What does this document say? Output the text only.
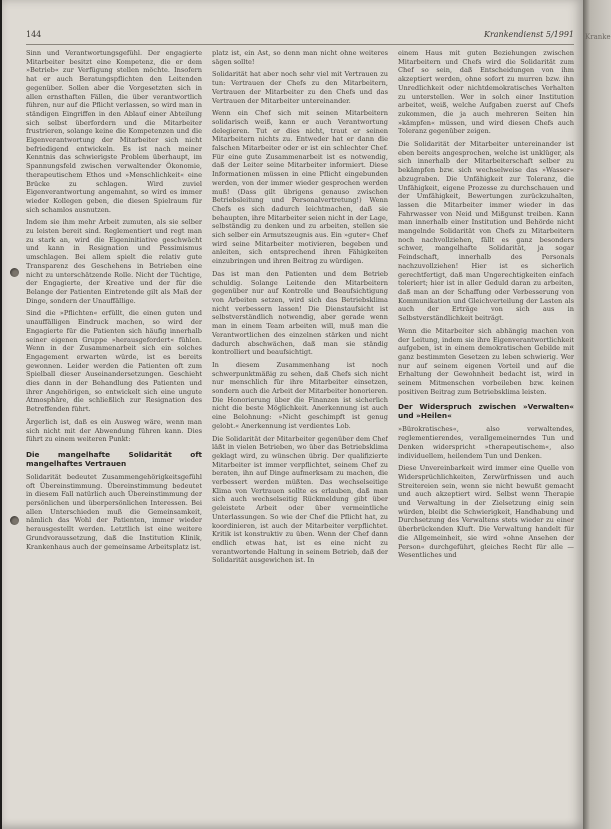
144	Krankendienst 5/1991

Sinn und Verantwortungsgefühl. Der engagierte Mitarbeiter besitzt eine Kompetenz, die er dem »Betrieb« zur Verfügung stellen möchte. Insofern hat er auch Beratungspflichten den Leitenden gegenüber. Sollen aber die Vorgesetzten sich in allen ernsthaften Fällen, die über verantwortlich führen, nur auf die Pflicht verlassen, so wird man in ständigen Eingriffen in den Ablauf einer Abteilung sich selbst überfordern und die Mitarbeiter frustrieren, solange keine die Kompetenzen und die Eigenverantwortung der Mitarbeiter sich nicht befriedigend entwickeln. Es ist nach meiner Kenntnis das schwierigste Problem überhaupt, im Spannungsfeld zwischen verwaltender Ökonomie, therapeutischem Ethos und »Menschlichkeit« eine Brücke zu schlagen. Wird zuviel Eigenverantwortung angemahnt, so wird es immer wieder Kollegen geben, die diesen Spielraum für sich schamlos ausnutzen.

Indem sie ihm mehr Arbeit zumuten, als sie selber zu leisten bereit sind. Reglementiert und regt man zu stark an, wird die Eigeninitiative geschwächt und kann in Resignation und Pessimismus umschlagen. Bei allem spielt die relativ gute Transparenz des Geschehens in Betrieben eine nicht zu unterschätzende Rolle. Nicht der Tüchtige, der Engagierte, der Kreative und der für die Belange der Patienten Eintretende gilt als Maß der Dinge, sondern der Unauffällige.

Sind die »Pflichten« erfüllt, die einen guten und unauffälligen Eindruck machen, so wird der Engagierte für die Patienten sich häufig innerhalb seiner eigenen Gruppe »herausgefordert« fühlen. Wenn in der Zusammenarbeit sich ein solches Engagement erwarten würde, ist es bereits gewonnen. Leider werden die Patienten oft zum Spielball dieser Auseinandersetzungen. Geschieht dies dann in der Behandlung des Patienten und ihrer Angehörigen, so entwickelt sich eine ungute Atmosphäre, die schließlich zur Resignation des Betreffenden führt.

Ärgerlich ist, daß es ein Ausweg wäre, wenn man sich nicht mit der Abwendung führen kann. Dies führt zu einem weiteren Punkt:

Die mangelhafte Solidarität oft mangelhaftes Vertrauen

Solidarität bedeutet Zusammengehörigkeitsgefühl oft Übereinstimmung. Übereinstimmung bedeutet in diesem Fall natürlich auch Übereinstimmung der persönlichen und überpersönlichen Interessen. Bei allen Unterschieden muß die Gemeinsamkeit, nämlich das Wohl der Patienten, immer wieder herausgestellt werden. Letztlich ist eine weitere Grundvoraussetzung, daß die Institution Klinik, Krankenhaus auch der gemeinsame Arbeitsplatz ist.

platz ist, ein Ast, so denn man nicht ohne weiteres sägen sollte!

Solidarität hat aber noch sehr viel mit Vertrauen zu tun: Vertrauen der Chefs zu den Mitarbeitern, Vertrauen der Mitarbeiter zu den Chefs und das Vertrauen der Mitarbeiter untereinander.

Wenn ein Chef sich mit seinen Mitarbeitern solidarisch weiß, kann er auch Verantwortung delegieren. Tut er dies nicht, traut er seinen Mitarbeitern nichts zu. Entweder hat er dann die falschen Mitarbeiter oder er ist ein schlechter Chef. Für eine gute Zusammenarbeit ist es notwendig, daß der Leiter seine Mitarbeiter informiert. Diese Informationen müssen in eine Pflicht eingebunden werden, von der immer wieder gesprochen werden muß! (Dass gilt übrigens genauso zwischen Betriebsleitung und Personalvertretung!) Wenn Chefs es sich dadurch leichtmachen, daß sie behaupten, ihre Mitarbeiter seien nicht in der Lage, selbständig zu denken und zu arbeiten, stellen sie sich selber ein Armutszeugnis aus. Ein »guter« Chef wird seine Mitarbeiter motivieren, begeben und anleiten, sich entsprechend ihren Fähigkeiten einzubringen und ihren Beitrag zu würdigen.

Das ist man den Patienten und dem Betrieb schuldig. Solange Leitende den Mitarbeitern gegenüber nur auf Kontrolle und Beaufsichtigung von Arbeiten setzen, wird sich das Betriebsklima nicht verbessern lassen! Die Dienstaufsicht ist selbstverständlich notwendig, aber gerade wenn man in einem Team arbeiten will, muß man die Verantwortlichen des einzelnen stärken und nicht dadurch abschwächen, daß man sie ständig kontrolliert und beaufsichtigt.

In diesem Zusammenhang ist noch schwerpunktmäßig zu sehen, daß Chefs sich nicht nur menschlich für ihre Mitarbeiter einsetzen, sondern auch die Arbeit der Mitarbeiter honorieren. Die Honorierung über die Finanzen ist sicherlich nicht die beste Möglichkeit. Anerkennung ist auch eine Belohnung: »Nicht geschimpft ist genug gelobt.« Anerkennung ist verdientes Lob.

Die Solidarität der Mitarbeiter gegenüber dem Chef läßt in vielen Betrieben, wo über das Betriebsklima geklagt wird, zu wünschen übrig. Der qualifizierte Mitarbeiter ist immer verpflichtet, seinem Chef zu beraten, ihn auf Dinge aufmerksam zu machen, die verbessert werden müßten. Das wechselseitige Klima von Vertrauen sollte es erlauben, daß man sich auch wechselseitig Rückmeldung gibt über geleistete Arbeit oder über vermeintliche Unterlassungen. So wie der Chef die Pflicht hat, zu koordinieren, ist auch der Mitarbeiter verpflichtet. Kritik ist konstruktiv zu üben. Wenn der Chef dann endlich etwas hat, ist es eine nicht zu verantwortende Haltung in seinem Betrieb, daß der Solidarität ausgewichen ist. In

einem Haus mit guten Beziehungen zwischen Mitarbeitern und Chefs wird die Solidarität zum Chef so sein, daß Entscheidungen von ihm akzeptiert werden, ohne sofort zu murren bzw. ihn Unredlichkeit oder nichtdemokratisches Verhalten zu unterstellen. Wer in solch einer Institution arbeitet, weiß, welche Aufgaben zuerst auf Chefs zukommen, die ja auch mehreren Seiten hin »kämpfen« müssen, und wird diesen Chefs auch Toleranz gegenüber zeigen.

Die Solidarität der Mitarbeiter untereinander ist eben bereits angesprochen, welche ist unklüger, als sich innerhalb der Mitarbeiterschaft selber zu bekämpfen bzw. sich wechselweise das »Wasser« abzugraben. Die Unfähigkeit zur Toleranz, die Unfähigkeit, eigene Prozesse zu durchschauen und der Umfähigkeit, Bewertungen zurückzuhalten, lassen die Mitarbeiter immer wieder in das Fahrwasser von Neid und Mißgunst treiben. Kann man innerhalb einer Institution und Behörde nicht mangelnde Solidarität von Chefs zu Mitarbeitern noch nachvollziehen, fällt es ganz besonders schwer, mangelhafte Solidarität, ja sogar Feindschaft, innerhalb des Personals nachzuvollziehen! Hier ist es sicherlich gerechtfertigt, daß man Ungerechtigkeiten einfach toleriert; hier ist in aller Geduld daran zu arbeiten, daß man an der Schaffung oder Verbesserung von Kommunikation und Gleichverteilung der Lasten als auch der Erträge von sich aus in Selbstverständlichkeit beiträgt.

Wenn die Mitarbeiter sich abhängig machen von der Leitung, indem sie ihre Eigenverantwortlichkeit aufgeben, ist in einem demokratischen Gebilde mit ganz bestimmten Gesetzen zu leben schwierig. Wer nur auf seinem eigenen Vorteil und auf die Erhaltung der Gewohnheit bedacht ist, wird in seinem Mitmenschen vorbeileben bzw. keinen positiven Beitrag zum Betriebsklima leisten.

Der Widerspruch zwischen »Verwalten« und »Heilen«

»Bürokratisches«, also verwaltendes, reglementierendes, verallgemeinerndes Tun und Denken widerspricht »therapeutischem«, also individuellem, heilendem Tun und Denken.

Diese Unvereinbarkeit wird immer eine Quelle von Widersprüchlichkeiten, Zerwürfnissen und auch Streitereien sein, wenn sie nicht bewußt gemacht und auch akzeptiert wird. Selbst wenn Therapie und Verwaltung in der Zielsetzung einig sein würden, bleibt die Schwierigkeit, Handhabung und Durchsetzung des Verwaltens stets wieder zu einer überbrückenden Kluft. Die Verwaltung handelt für die Allgemeinheit, sie wird »ohne Ansehen der Person« durchgeführt, gleiches Recht für alle — Wesentliches und

Kranke
